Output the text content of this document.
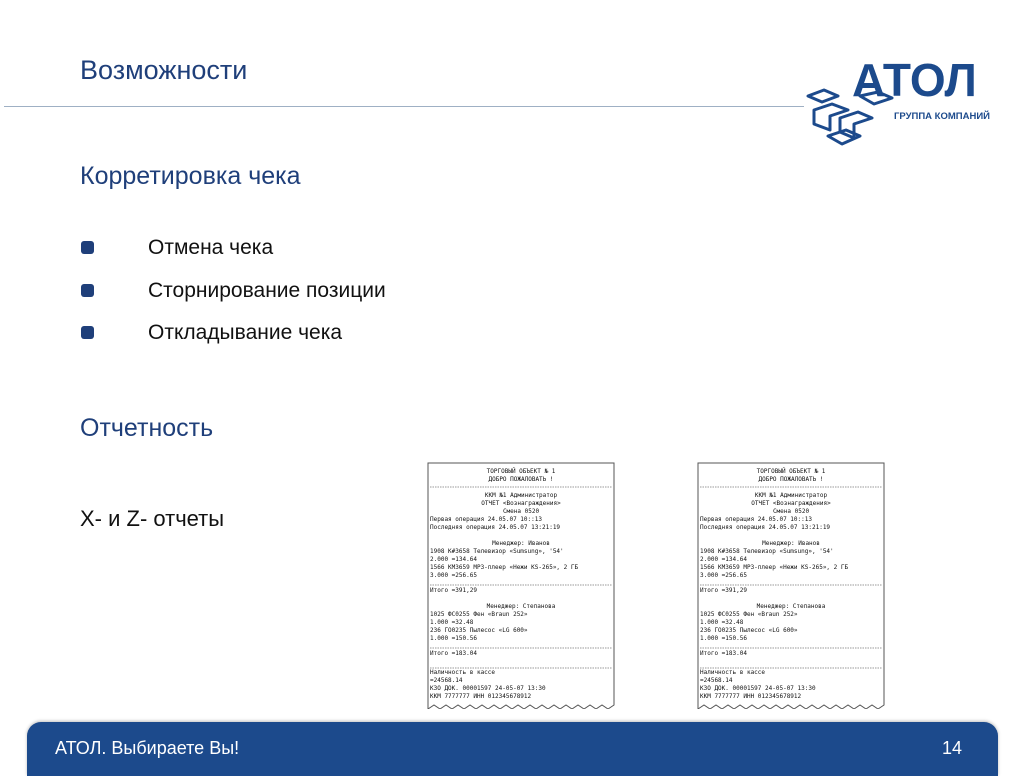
Возможности	АТОЛ
ГРУППА КОМПАНИЙ
Корретировка чека
Отмена чека
Сторнирование позиции
Откладывание чека
Отчетность
X- и Z- отчеты
ТОРГОВЫЙ ОБЪЕКТ № 1
ДОБРО ПОЖАЛОВАТЬ !
ККМ №1 Администратор
ОТЧЕТ <Вознаграждения>
Смена 0520
Первая операция 24.05.07 10::13
Последняя операция 24.05.07 13:21:19
Менеджер: Иванов
1908 К#3658 Телевизор «Sumsung», '54'
2.000 =134.64
1566 КМ3659 MP3-плеер «Нежи KS-265», 2 ГБ
3.000 =256.65
Итого =391,29
Менеджер: Степанова
1025 ФС0255 Фен «Braun 252»
1.000 =32.48
236 ГО0235 Пылесос «LG 600»
1.000 =150.56
Итого =183.04
Наличность в кассе
=24568.14
КЗО ДОК. 00001597 24-05-07 13:30
ККМ 7777777 ИНН 012345678912
ТОРГОВЫЙ ОБЪЕКТ № 1
ДОБРО ПОЖАЛОВАТЬ !
ККМ №1 Администратор
ОТЧЕТ <Вознаграждения>
Смена 0520
Первая операция 24.05.07 10::13
Последняя операция 24.05.07 13:21:19
Менеджер: Иванов
1908 К#3658 Телевизор «Sumsung», '54'
2.000 =134.64
1566 КМ3659 MP3-плеер «Нежи KS-265», 2 ГБ
3.000 =256.65
Итого =391,29
Менеджер: Степанова
1025 ФС0255 Фен «Braun 252»
1.000 =32.48
236 ГО0235 Пылесос «LG 600»
1.000 =150.56
Итого =183.04
Наличность в кассе
=24568.14
КЗО ДОК. 00001597 24-05-07 13:30
ККМ 7777777 ИНН 012345678912
АТОЛ. Выбираете Вы!	14
